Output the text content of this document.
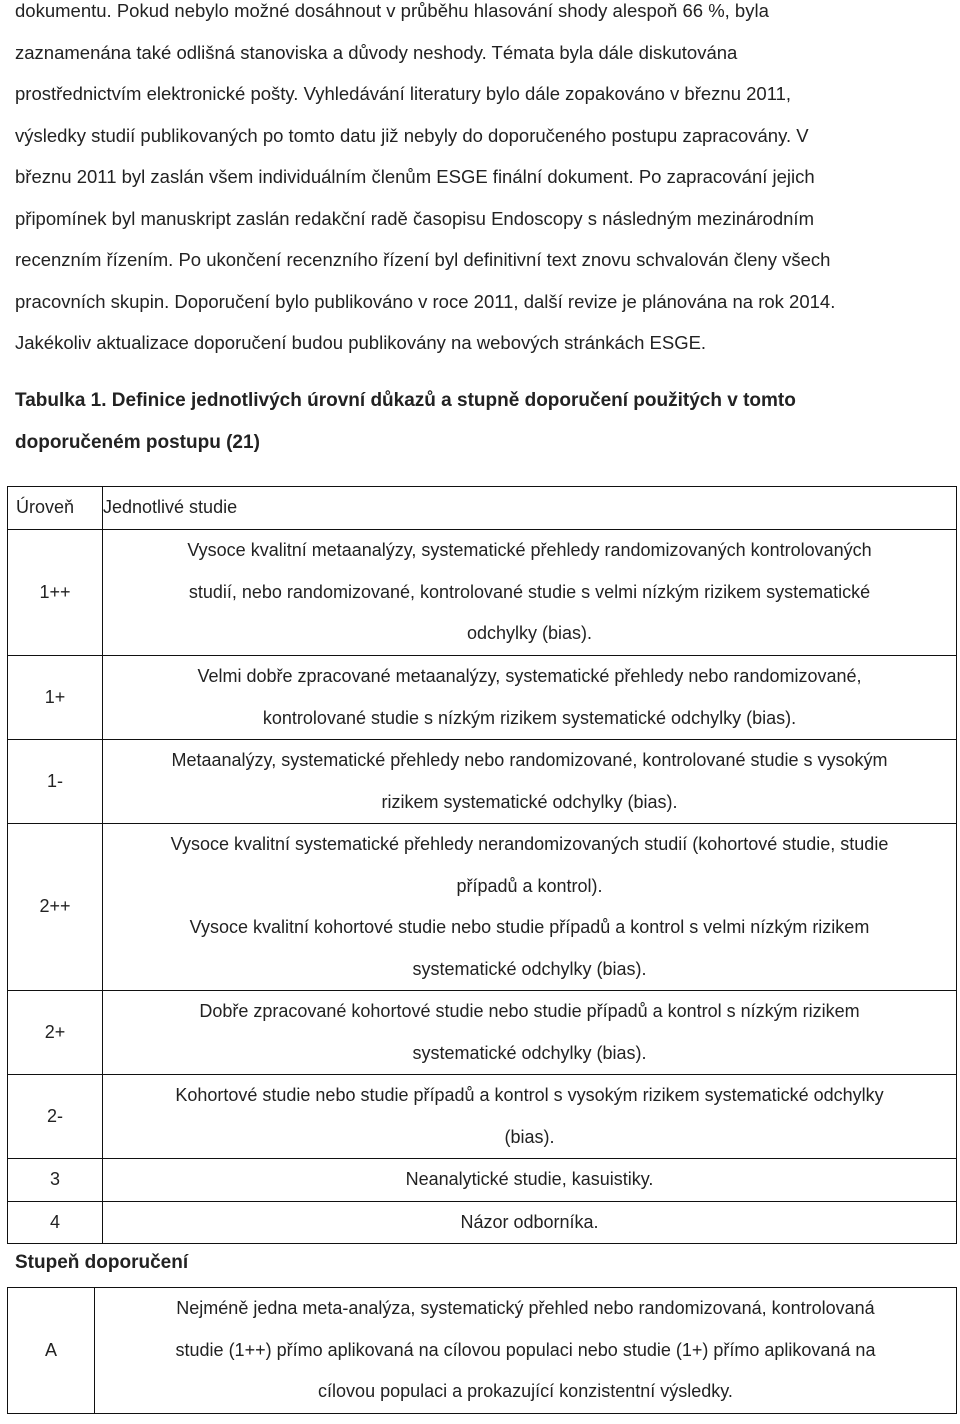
dokumentu. Pokud nebylo možné dosáhnout v průběhu hlasování shody alespoň 66 %, byla
zaznamenána také odlišná stanoviska a důvody neshody. Témata byla dále diskutována
prostřednictvím elektronické pošty. Vyhledávání literatury bylo dále zopakováno v březnu 2011,
výsledky studií publikovaných po tomto datu již nebyly do doporučeného postupu zapracovány. V
březnu 2011 byl zaslán všem individuálním členům ESGE finální dokument. Po zapracování jejich
připomínek byl manuskript zaslán redakční radě časopisu Endoscopy s následným mezinárodním
recenzním řízením. Po ukončení recenzního řízení byl definitivní text znovu schvalován členy všech
pracovních skupin. Doporučení bylo publikováno v roce 2011, další revize je plánována na rok 2014.
Jakékoliv aktualizace doporučení budou publikovány na webových stránkách ESGE.
Tabulka 1. Definice jednotlivých úrovní důkazů a stupně doporučení použitých v tomto
doporučeném postupu (21)
Úroveň	Jednotlivé studie
1++	Vysoce kvalitní metaanalýzy, systematické přehledy randomizovaných kontrolovaných
studií, nebo randomizované, kontrolované studie s velmi nízkým rizikem systematické
odchylky (bias).

1+	Velmi dobře zpracované metaanalýzy, systematické přehledy nebo randomizované,
kontrolované studie s nízkým rizikem systematické odchylky (bias).

1-	Metaanalýzy, systematické přehledy nebo randomizované, kontrolované studie s vysokým
rizikem systematické odchylky (bias).

2++	Vysoce kvalitní systematické přehledy nerandomizovaných studií (kohortové studie, studie
případů a kontrol).
Vysoce kvalitní kohortové studie nebo studie případů a kontrol s velmi nízkým rizikem
systematické odchylky (bias).

2+	Dobře zpracované kohortové studie nebo studie případů a kontrol s nízkým rizikem
systematické odchylky (bias).

2-	Kohortové studie nebo studie případů a kontrol s vysokým rizikem systematické odchylky
(bias).

3	Neanalytické studie, kasuistiky.

4	Názor odborníka.
Stupeň doporučení
A	
Nejméně jedna meta-analýza, systematický přehled nebo randomizovaná, kontrolovaná
studie (1++) přímo aplikovaná na cílovou populaci nebo studie (1+) přímo aplikovaná na
cílovou populaci a prokazující konzistentní výsledky.
